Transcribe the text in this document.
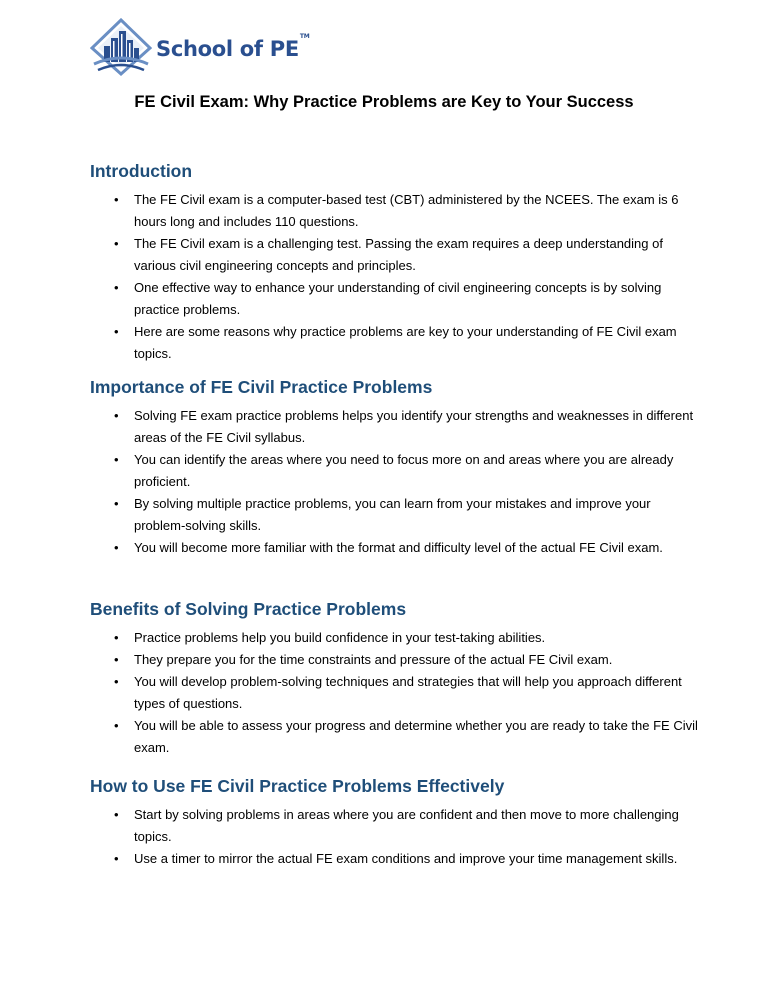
School of PE™
FE Civil Exam: Why Practice Problems are Key to Your Success
Introduction
• The FE Civil exam is a computer-based test (CBT) administered by the NCEES. The exam is 6 hours long and includes 110 questions.
• The FE Civil exam is a challenging test. Passing the exam requires a deep understanding of various civil engineering concepts and principles.
• One effective way to enhance your understanding of civil engineering concepts is by solving practice problems.
• Here are some reasons why practice problems are key to your understanding of FE Civil exam topics.
Importance of FE Civil Practice Problems
• Solving FE exam practice problems helps you identify your strengths and weaknesses in different areas of the FE Civil syllabus.
• You can identify the areas where you need to focus more on and areas where you are already proficient.
• By solving multiple practice problems, you can learn from your mistakes and improve your problem-solving skills.
• You will become more familiar with the format and difficulty level of the actual FE Civil exam.
Benefits of Solving Practice Problems
• Practice problems help you build confidence in your test-taking abilities.
• They prepare you for the time constraints and pressure of the actual FE Civil exam.
• You will develop problem-solving techniques and strategies that will help you approach different types of questions.
• You will be able to assess your progress and determine whether you are ready to take the FE Civil exam.
How to Use FE Civil Practice Problems Effectively
• Start by solving problems in areas where you are confident and then move to more challenging topics.
• Use a timer to mirror the actual FE exam conditions and improve your time management skills.
